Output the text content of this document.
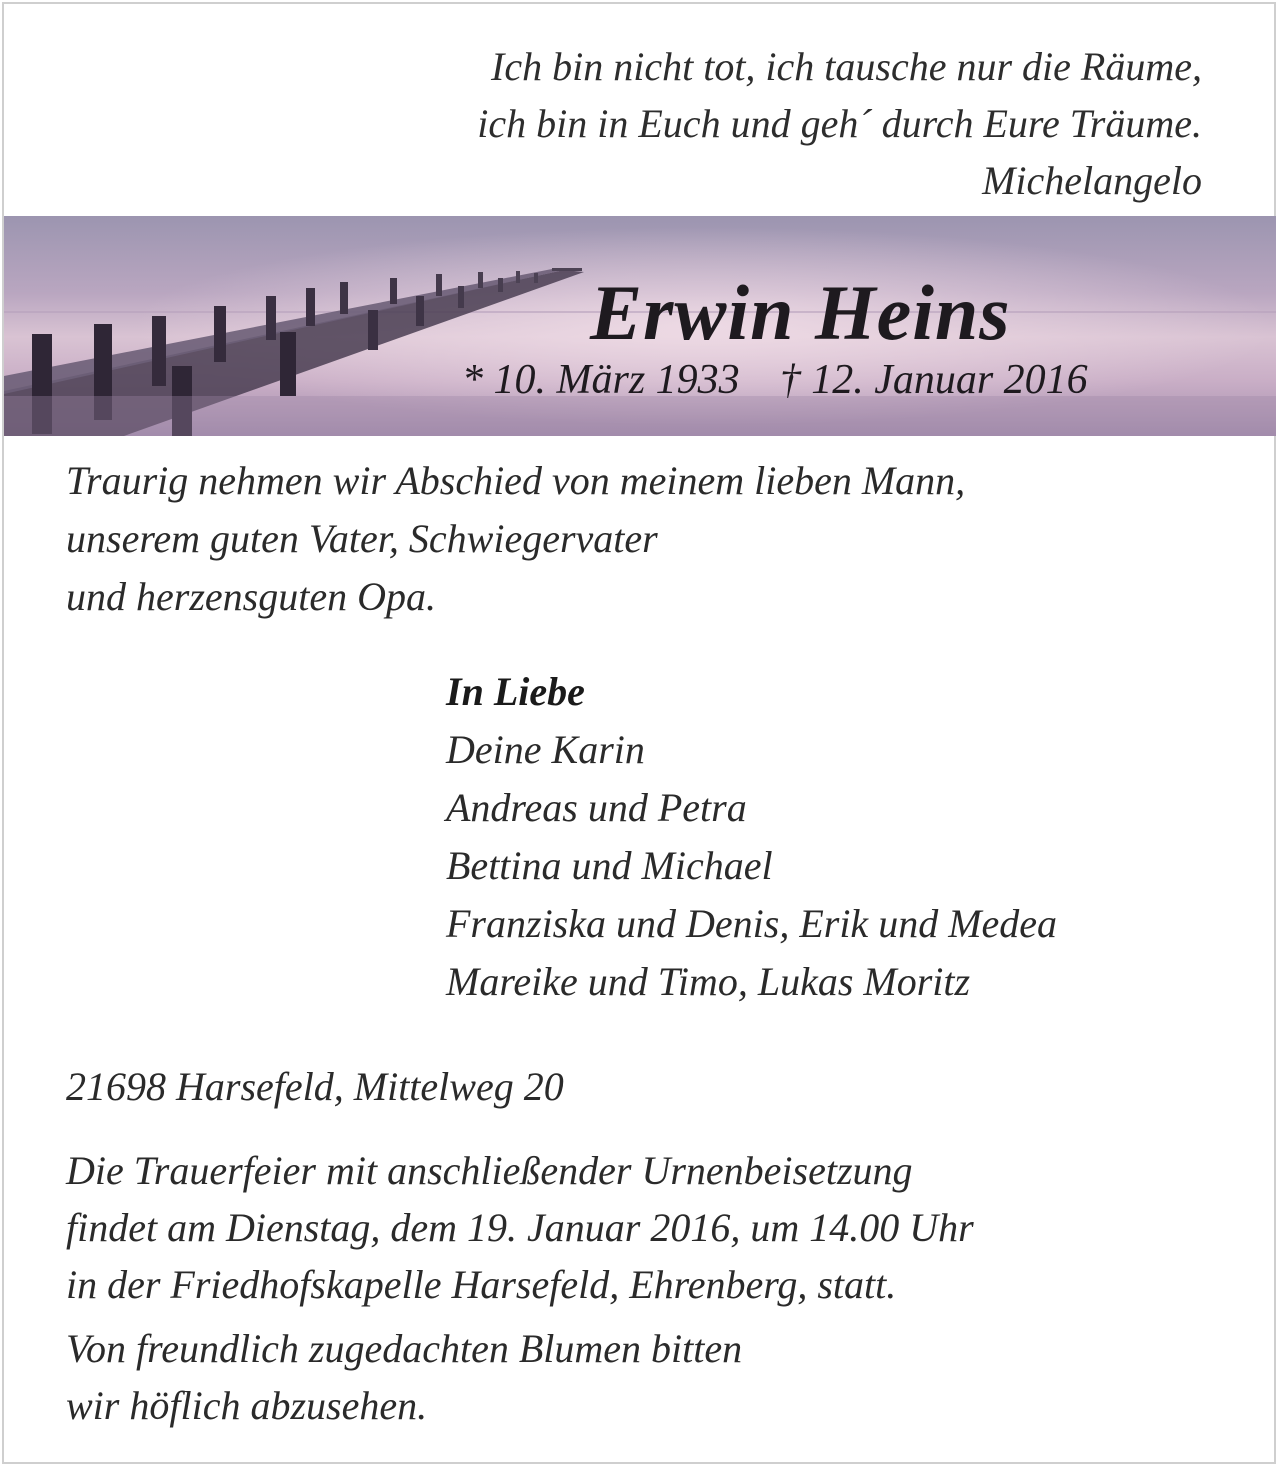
Ich bin nicht tot, ich tausche nur die Räume,
ich bin in Euch und geh´ durch Eure Träume.
Michelangelo
Erwin Heins
* 10. März 1933 † 12. Januar 2016
Traurig nehmen wir Abschied von meinem lieben Mann,
unserem guten Vater, Schwiegervater
und herzensguten Opa.
In Liebe
Deine Karin
Andreas und Petra
Bettina und Michael
Franziska und Denis, Erik und Medea
Mareike und Timo, Lukas Moritz
21698 Harsefeld, Mittelweg 20
Die Trauerfeier mit anschließender Urnenbeisetzung
findet am Dienstag, dem 19. Januar 2016, um 14.00 Uhr
in der Friedhofskapelle Harsefeld, Ehrenberg, statt.
Von freundlich zugedachten Blumen bitten
wir höflich abzusehen.
